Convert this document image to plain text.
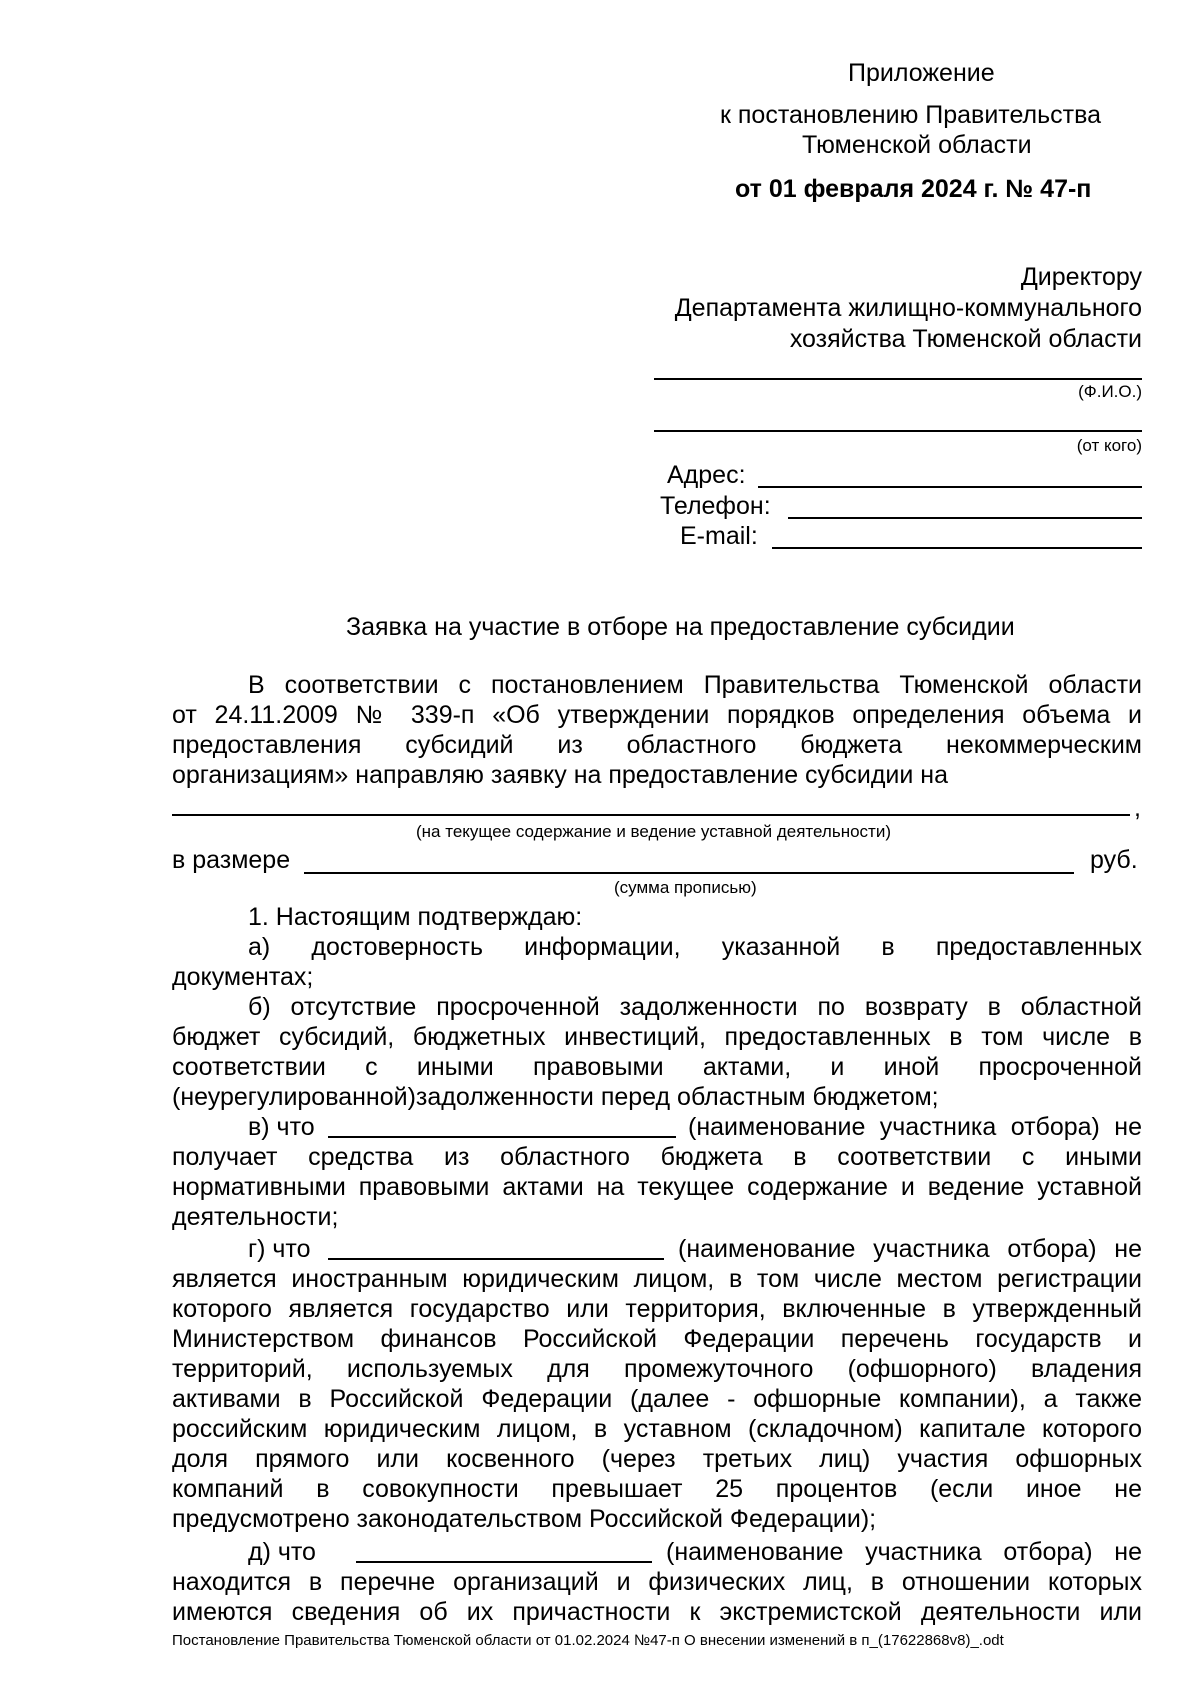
Приложение
к постановлению Правительства
Тюменской области
от 01 февраля 2024 г. № 47-п
Директору
Департамента жилищно-коммунального
хозяйства Тюменской области
(Ф.И.О.)
(от кого)
Адрес:
Телефон:
E-mail:
Заявка на участие в отборе на предоставление субсидии
В соответствии с постановлением Правительства Тюменской области
от 24.11.2009 № 339-п «Об утверждении порядков определения объема и
предоставления субсидий из областного бюджета некоммерческим
организациям» направляю заявку на предоставление субсидии на
,
(на текущее содержание и ведение уставной деятельности)
в размере	руб.
(сумма прописью)
1. Настоящим подтверждаю:
а) достоверность информации, указанной в предоставленных
документах;
б) отсутствие просроченной задолженности по возврату в областной
бюджет субсидий, бюджетных инвестиций, предоставленных в том числе в
соответствии с иными правовыми актами, и иной просроченной
(неурегулированной)задолженности перед областным бюджетом;
в) что	(наименование участника отбора) не
получает средства из областного бюджета в соответствии с иными
нормативными правовыми актами на текущее содержание и ведение уставной
деятельности;
г) что	(наименование участника отбора) не
является иностранным юридическим лицом, в том числе местом регистрации
которого является государство или территория, включенные в утвержденный
Министерством финансов Российской Федерации перечень государств и
территорий, используемых для промежуточного (офшорного) владения
активами в Российской Федерации (далее - офшорные компании), а также
российским юридическим лицом, в уставном (складочном) капитале которого
доля прямого или косвенного (через третьих лиц) участия офшорных
компаний в совокупности превышает 25 процентов (если иное не
предусмотрено законодательством Российской Федерации);
д) что	(наименование участника отбора) не
находится в перечне организаций и физических лиц, в отношении которых
имеются сведения об их причастности к экстремистской деятельности или
Постановление Правительства Тюменской области от 01.02.2024 №47-п О внесении изменений в п_(17622868v8)_.odt
